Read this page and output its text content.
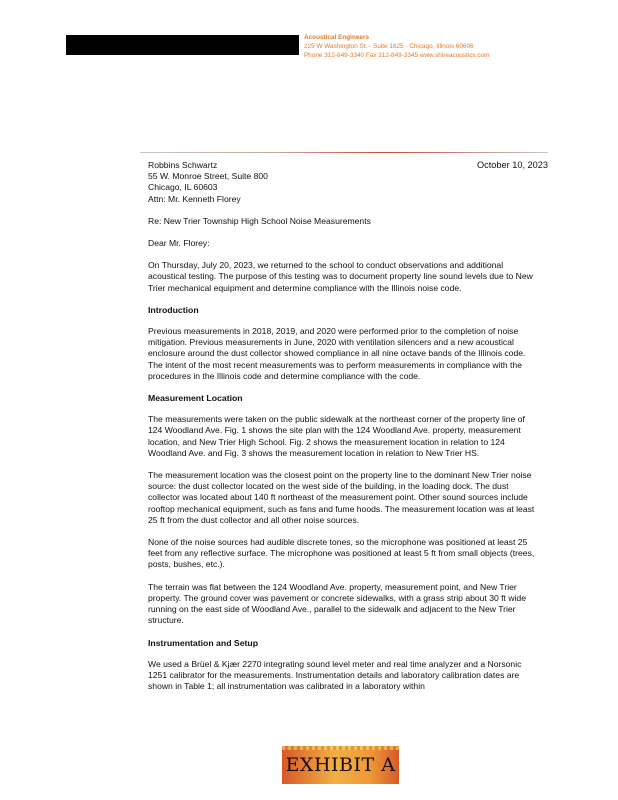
Acoustical Engineers
225 W Washington St. · Suite 1625 · Chicago, Illinois 60606
Phone 312-849-3340 Fax 312-849-3345 www.shireacoustics.com
October 10, 2023

Robbins Schwartz

55 W. Monroe Street, Suite 800

Chicago, IL 60603

Attn: Mr. Kenneth Florey

Re: New Trier Township High School Noise Measurements

Dear Mr. Florey:

On Thursday, July 20, 2023, we returned to the school to conduct observations and additional acoustical testing. The purpose of this testing was to document property line sound levels due to New Trier mechanical equipment and determine compliance with the Illinois noise code.

Introduction

Previous measurements in 2018, 2019, and 2020 were performed prior to the completion of noise mitigation. Previous measurements in June, 2020 with ventilation silencers and a new acoustical enclosure around the dust collector showed compliance in all nine octave bands of the Illinois code. The intent of the most recent measurements was to perform measurements in compliance with the procedures in the Illinois code and determine compliance with the code.

Measurement Location

The measurements were taken on the public sidewalk at the northeast corner of the property line of 124 Woodland Ave. Fig. 1 shows the site plan with the 124 Woodland Ave. property, measurement location, and New Trier High School. Fig. 2 shows the measurement location in relation to 124 Woodland Ave. and Fig. 3 shows the measurement location in relation to New Trier HS.

The measurement location was the closest point on the property line to the dominant New Trier noise source: the dust collector located on the west side of the building, in the loading dock. The dust collector was located about 140 ft northeast of the measurement point. Other sound sources include rooftop mechanical equipment, such as fans and fume hoods. The measurement location was at least 25 ft from the dust collector and all other noise sources.

None of the noise sources had audible discrete tones, so the microphone was positioned at least 25 feet from any reflective surface. The microphone was positioned at least 5 ft from small objects (trees, posts, bushes, etc.).

The terrain was flat between the 124 Woodland Ave. property, measurement point, and New Trier property. The ground cover was pavement or concrete sidewalks, with a grass strip about 30 ft wide running on the east side of Woodland Ave., parallel to the sidewalk and adjacent to the New Trier structure.

Instrumentation and Setup

We used a Brüel & Kjær 2270 integrating sound level meter and real time analyzer and a Norsonic 1251 calibrator for the measurements. Instrumentation details and laboratory calibration dates are shown in Table 1; all instrumentation was calibrated in a laboratory within

EXHIBIT A
